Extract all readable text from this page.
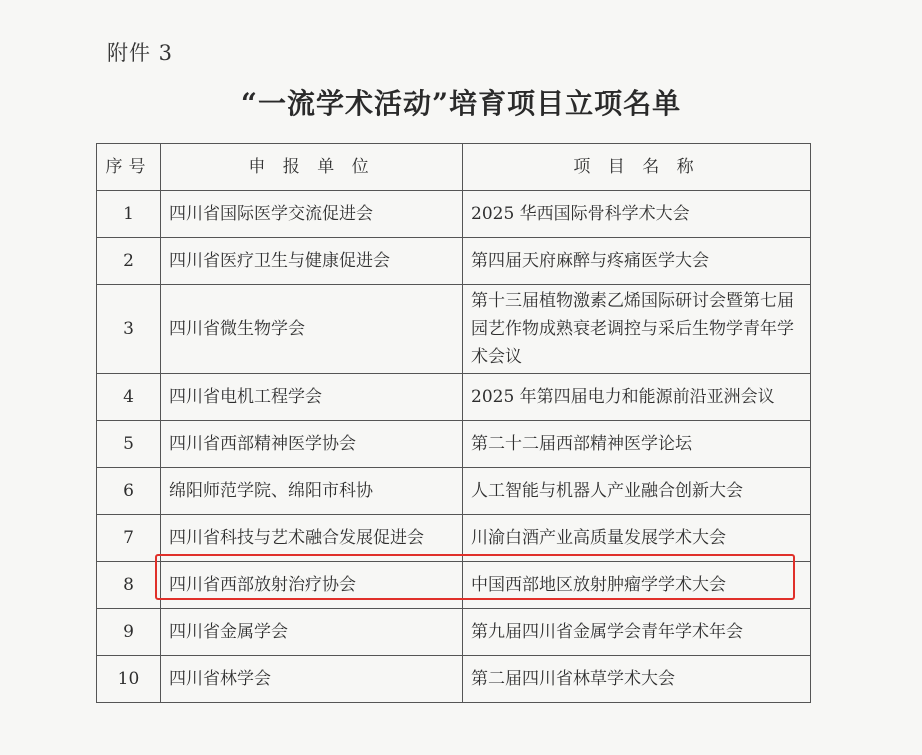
附件 3
“一流学术活动”培育项目立项名单
序号	申 报 单 位	项 目 名 称
1	四川省国际医学交流促进会	2025 华西国际骨科学术大会
2	四川省医疗卫生与健康促进会	第四届天府麻醉与疼痛医学大会
3	四川省微生物学会	第十三届植物激素乙烯国际研讨会暨第七届园艺作物成熟衰老调控与采后生物学青年学术会议
4	四川省电机工程学会	2025 年第四届电力和能源前沿亚洲会议
5	四川省西部精神医学协会	第二十二届西部精神医学论坛
6	绵阳师范学院、绵阳市科协	人工智能与机器人产业融合创新大会
7	四川省科技与艺术融合发展促进会	川渝白酒产业高质量发展学术大会
8	四川省西部放射治疗协会	中国西部地区放射肿瘤学学术大会
9	四川省金属学会	第九届四川省金属学会青年学术年会
10	四川省林学会	第二届四川省林草学术大会
